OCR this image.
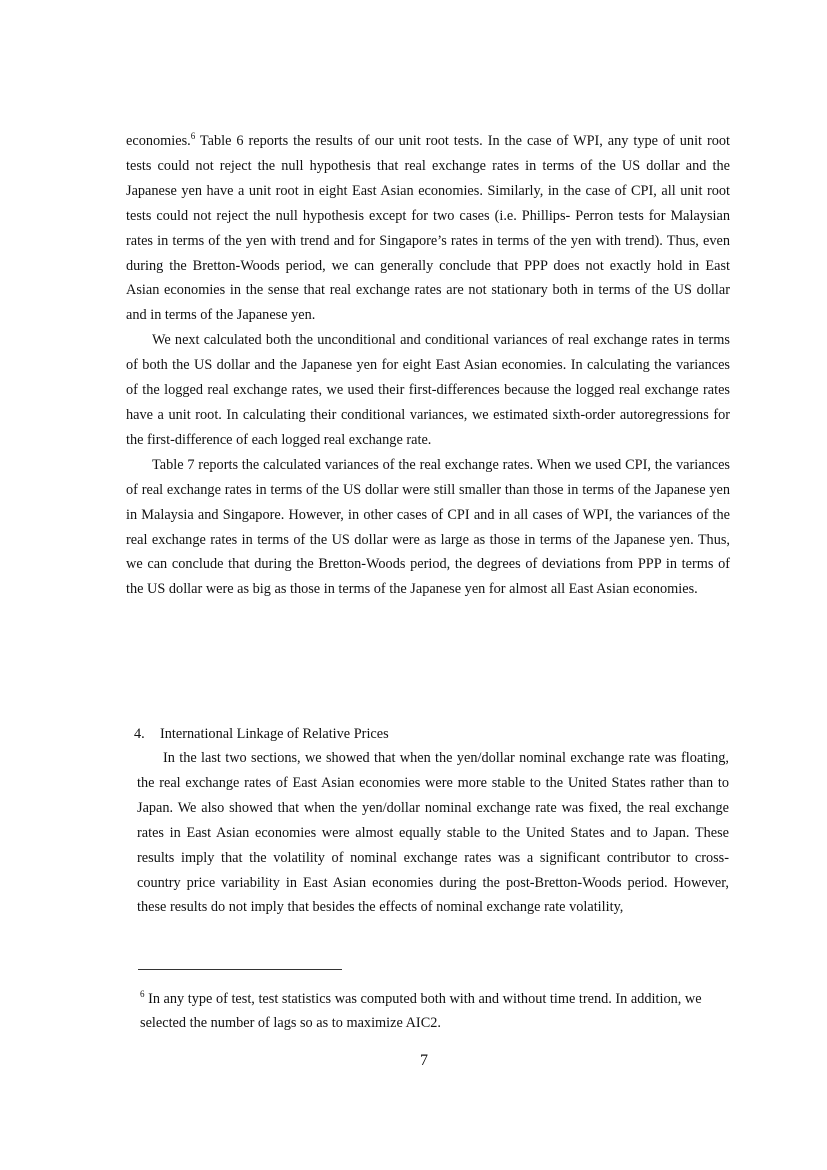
economies.$^6$ Table 6 reports the results of our unit root tests. In the case of WPI, any type of unit root tests could not reject the null hypothesis that real exchange rates in terms of the US dollar and the Japanese yen have a unit root in eight East Asian economies. Similarly, in the case of CPI, all unit root tests could not reject the null hypothesis except for two cases (i.e. Phillips- Perron tests for Malaysian rates in terms of the yen with trend and for Singapore’s rates in terms of the yen with trend). Thus, even during the Bretton-Woods period, we can generally conclude that PPP does not exactly hold in East Asian economies in the sense that real exchange rates are not stationary both in terms of the US dollar and in terms of the Japanese yen.

We next calculated both the unconditional and conditional variances of real exchange rates in terms of both the US dollar and the Japanese yen for eight East Asian economies. In calculating the variances of the logged real exchange rates, we used their first-differences because the logged real exchange rates have a unit root. In calculating their conditional variances, we estimated sixth-order autoregressions for the first-difference of each logged real exchange rate.

Table 7 reports the calculated variances of the real exchange rates. When we used CPI, the variances of real exchange rates in terms of the US dollar were still smaller than those in terms of the Japanese yen in Malaysia and Singapore. However, in other cases of CPI and in all cases of WPI, the variances of the real exchange rates in terms of the US dollar were as large as those in terms of the Japanese yen. Thus, we can conclude that during the Bretton-Woods period, the degrees of deviations from PPP in terms of the US dollar were as big as those in terms of the Japanese yen for almost all East Asian economies.

4. International Linkage of Relative Prices

In the last two sections, we showed that when the yen/dollar nominal exchange rate was floating, the real exchange rates of East Asian economies were more stable to the United States rather than to Japan. We also showed that when the yen/dollar nominal exchange rate was fixed, the real exchange rates in East Asian economies were almost equally stable to the United States and to Japan. These results imply that the volatility of nominal exchange rates was a significant contributor to cross-country price variability in East Asian economies during the post-Bretton-Woods period. However, these results do not imply that besides the effects of nominal exchange rate volatility,

$^6$ In any type of test, test statistics was computed both with and without time trend. In addition, we selected the number of lags so as to maximize AIC2.
7
